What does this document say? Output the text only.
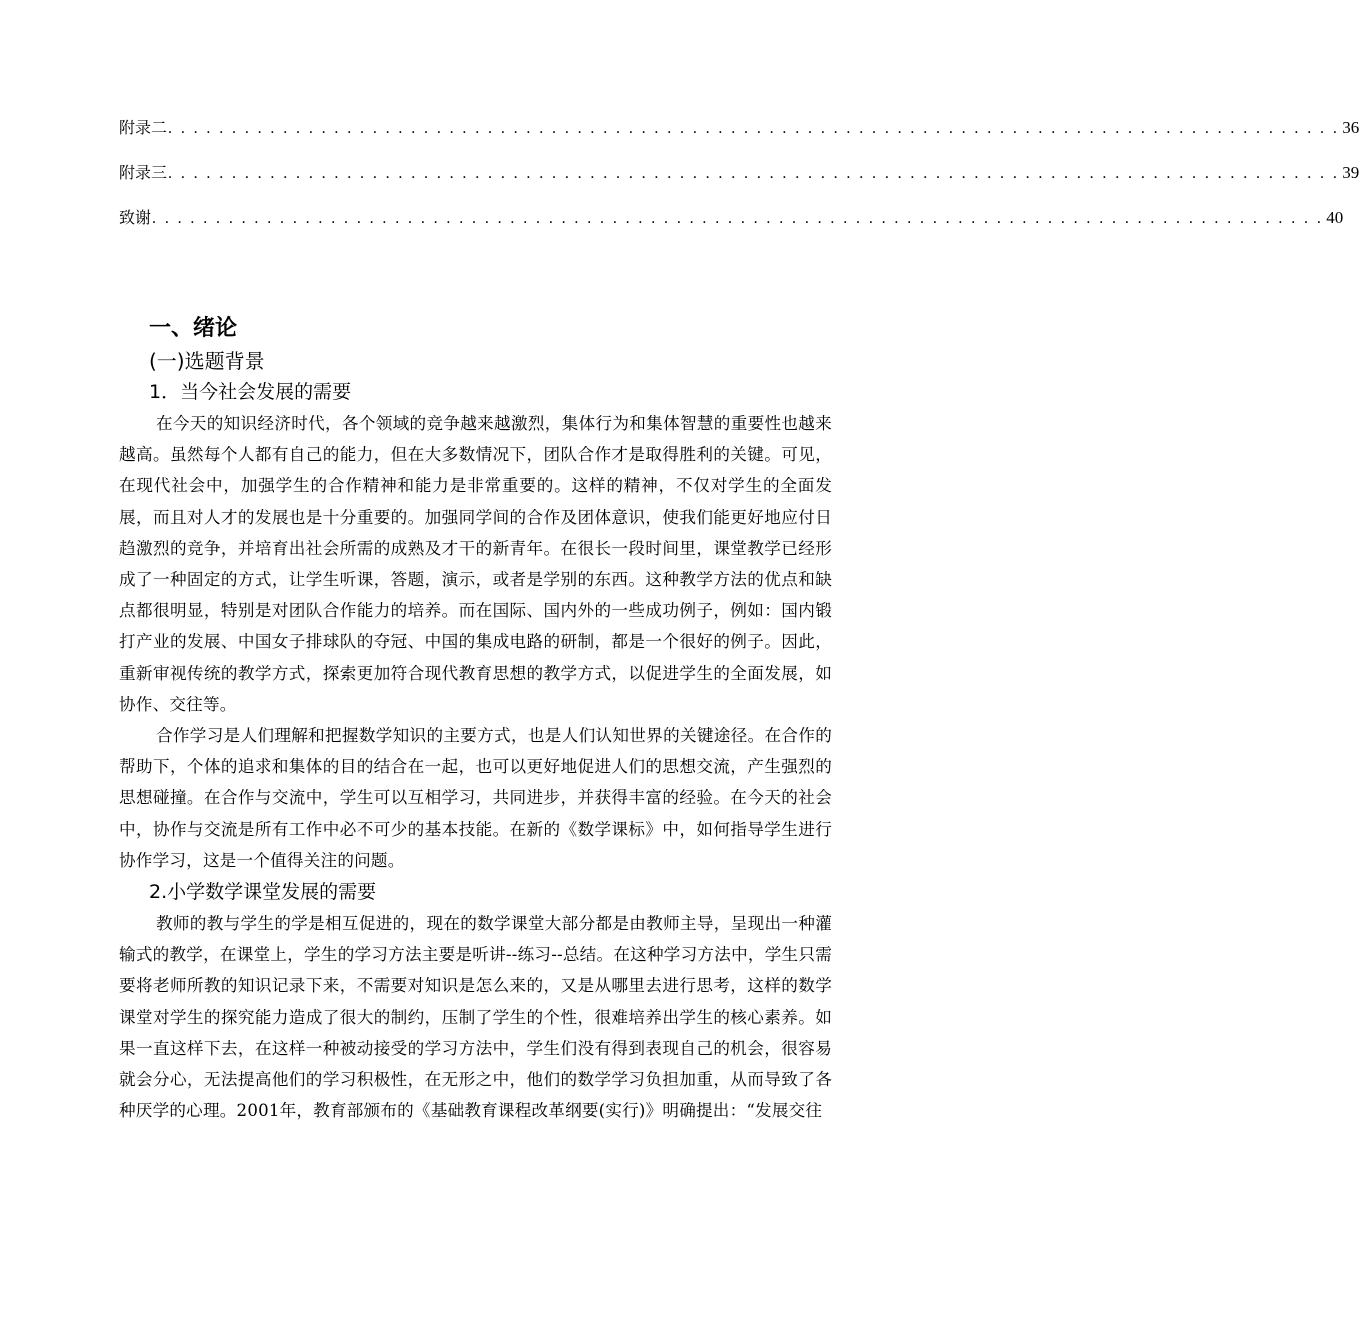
附录二 . . . . . . . . . . . . . . . . . . . . . . . . . . . . . . . . . . . . . . . . . . . . . . . . . . . . . . . . . . . . . . . . . . . . . . . . . . . . . . . . . . . . . . . . . . . . 36
附录三 . . . . . . . . . . . . . . . . . . . . . . . . . . . . . . . . . . . . . . . . . . . . . . . . . . . . . . . . . . . . . . . . . . . . . . . . . . . . . . . . . . . . . . . . . . . . 39
致谢 . . . . . . . . . . . . . . . . . . . . . . . . . . . . . . . . . . . . . . . . . . . . . . . . . . . . . . . . . . . . . . . . . . . . . . . . . . . . . . . . . . . . . . . . . . . . 40
一、绪论
(一)选题背景
1．当今社会发展的需要

在今天的知识经济时代，各个领域的竞争越来越激烈，集体行为和集体智慧的重要性也越来越高。虽然每个人都有自己的能力，但在大多数情况下，团队合作才是取得胜利的关键。可见，在现代社会中，加强学生的合作精神和能力是非常重要的。这样的精神，不仅对学生的全面发展，而且对人才的发展也是十分重要的。加强同学间的合作及团体意识，使我们能更好地应付日趋激烈的竞争，并培育出社会所需的成熟及才干的新青年。在很长一段时间里，课堂教学已经形成了一种固定的方式，让学生听课，答题，演示，或者是学别的东西。这种教学方法的优点和缺点都很明显，特别是对团队合作能力的培养。而在国际、国内外的一些成功例子，例如：国内锻打产业的发展、中国女子排球队的夺冠、中国的集成电路的研制，都是一个很好的例子。因此，重新审视传统的教学方式，探索更加符合现代教育思想的教学方式，以促进学生的全面发展，如协作、交往等。

合作学习是人们理解和把握数学知识的主要方式，也是人们认知世界的关键途径。在合作的帮助下，个体的追求和集体的目的结合在一起，也可以更好地促进人们的思想交流，产生强烈的思想碰撞。在合作与交流中，学生可以互相学习，共同进步，并获得丰富的经验。在今天的社会中，协作与交流是所有工作中必不可少的基本技能。在新的《数学课标》中，如何指导学生进行协作学习，这是一个值得关注的问题。

2.小学数学课堂发展的需要

教师的教与学生的学是相互促进的，现在的数学课堂大部分都是由教师主导，呈现出一种灌输式的教学，在课堂上，学生的学习方法主要是听讲--练习--总结。在这种学习方法中，学生只需要将老师所教的知识记录下来，不需要对知识是怎么来的，又是从哪里去进行思考，这样的数学课堂对学生的探究能力造成了很大的制约，压制了学生的个性，很难培养出学生的核心素养。如果一直这样下去，在这样一种被动接受的学习方法中，学生们没有得到表现自己的机会，很容易就会分心，无法提高他们的学习积极性，在无形之中，他们的数学学习负担加重，从而导致了各种厌学的心理。2001年，教育部颁布的《基础教育课程改革纲要(实行)》明确提出：“发展交往
